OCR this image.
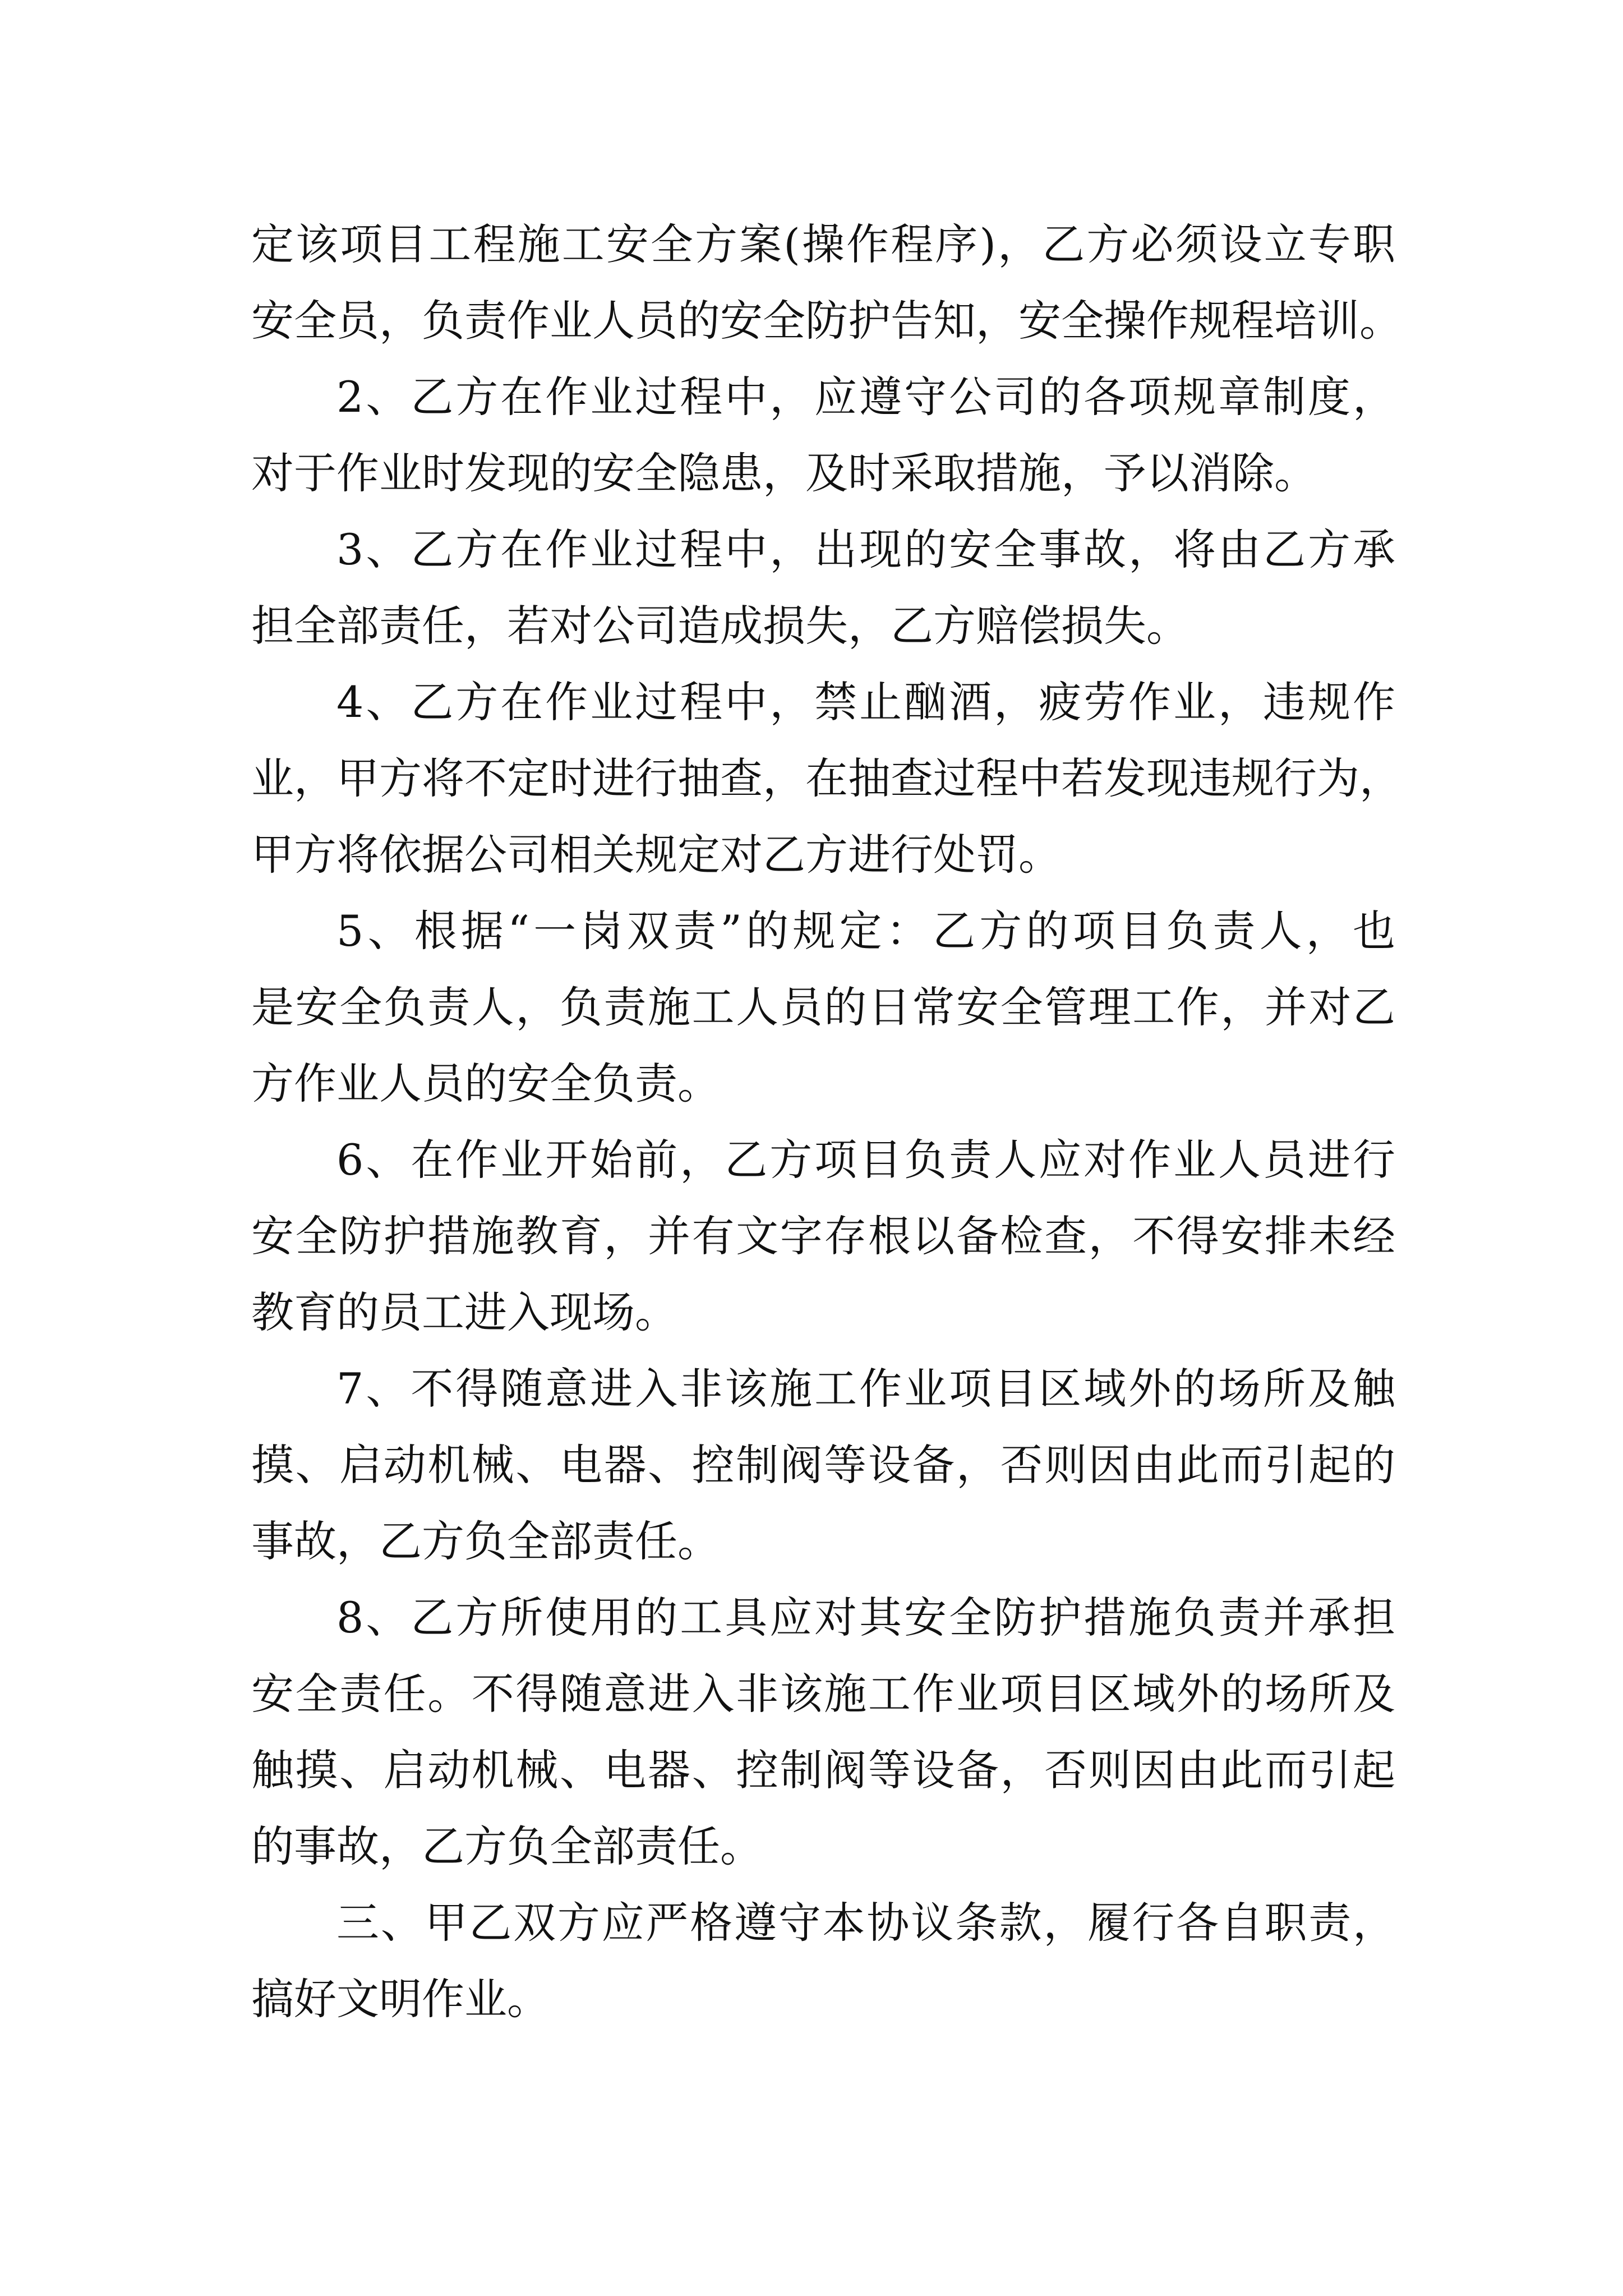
定该项目工程施工安全方案(操作程序)，乙方必须设立专职
安全员，负责作业人员的安全防护告知，安全操作规程培训。
2、乙方在作业过程中，应遵守公司的各项规章制度，
对于作业时发现的安全隐患，及时采取措施，予以消除。
3、乙方在作业过程中，出现的安全事故，将由乙方承
担全部责任，若对公司造成损失，乙方赔偿损失。
4、乙方在作业过程中，禁止酗酒，疲劳作业，违规作
业，甲方将不定时进行抽查，在抽查过程中若发现违规行为，
甲方将依据公司相关规定对乙方进行处罚。
5、根据“一岗双责”的规定：乙方的项目负责人，也
是安全负责人，负责施工人员的日常安全管理工作，并对乙
方作业人员的安全负责。
6、在作业开始前，乙方项目负责人应对作业人员进行
安全防护措施教育，并有文字存根以备检查，不得安排未经
教育的员工进入现场。
7、不得随意进入非该施工作业项目区域外的场所及触
摸、启动机械、电器、控制阀等设备，否则因由此而引起的
事故，乙方负全部责任。
8、乙方所使用的工具应对其安全防护措施负责并承担
安全责任。不得随意进入非该施工作业项目区域外的场所及
触摸、启动机械、电器、控制阀等设备，否则因由此而引起
的事故，乙方负全部责任。
三、甲乙双方应严格遵守本协议条款，履行各自职责，
搞好文明作业。
